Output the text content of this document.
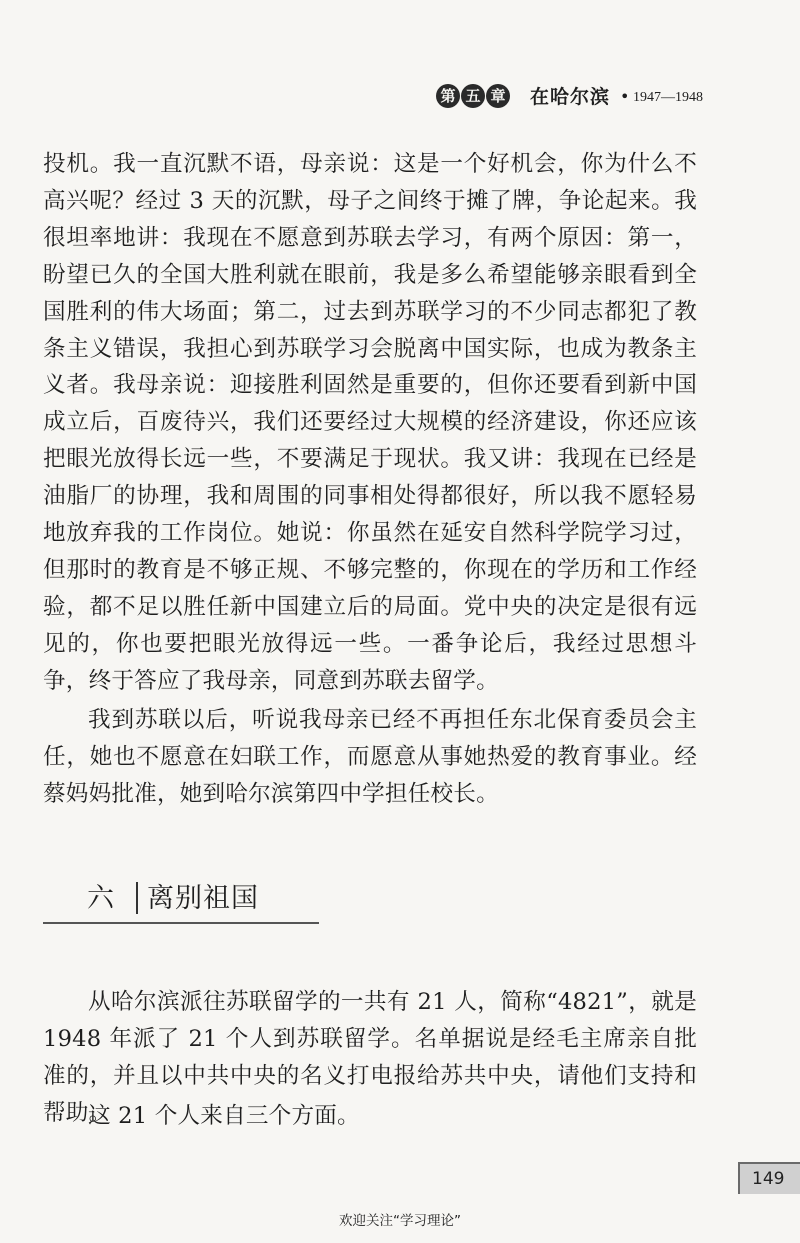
第 五 章 在哈尔滨 • 1947—1948

投机。我一直沉默不语，母亲说：这是一个好机会，你为什么不高兴呢？经过 3 天的沉默，母子之间终于摊了牌，争论起来。我很坦率地讲：我现在不愿意到苏联去学习，有两个原因：第一，盼望已久的全国大胜利就在眼前，我是多么希望能够亲眼看到全国胜利的伟大场面；第二，过去到苏联学习的不少同志都犯了教条主义错误，我担心到苏联学习会脱离中国实际，也成为教条主义者。我母亲说：迎接胜利固然是重要的，但你还要看到新中国成立后，百废待兴，我们还要经过大规模的经济建设，你还应该把眼光放得长远一些，不要满足于现状。我又讲：我现在已经是油脂厂的协理，我和周围的同事相处得都很好，所以我不愿轻易地放弃我的工作岗位。她说：你虽然在延安自然科学院学习过，但那时的教育是不够正规、不够完整的，你现在的学历和工作经验，都不足以胜任新中国建立后的局面。党中央的决定是很有远见的，你也要把眼光放得远一些。一番争论后，我经过思想斗争，终于答应了我母亲，同意到苏联去留学。

我到苏联以后，听说我母亲已经不再担任东北保育委员会主任，她也不愿意在妇联工作，而愿意从事她热爱的教育事业。经蔡妈妈批准，她到哈尔滨第四中学担任校长。

六 离别祖国

从哈尔滨派往苏联留学的一共有 21 人，简称“4821”，就是 1948 年派了 21 个人到苏联留学。名单据说是经毛主席亲自批准的，并且以中共中央的名义打电报给苏共中央，请他们支持和帮助。

这 21 个人来自三个方面。

149
欢迎关注“学习理论”
